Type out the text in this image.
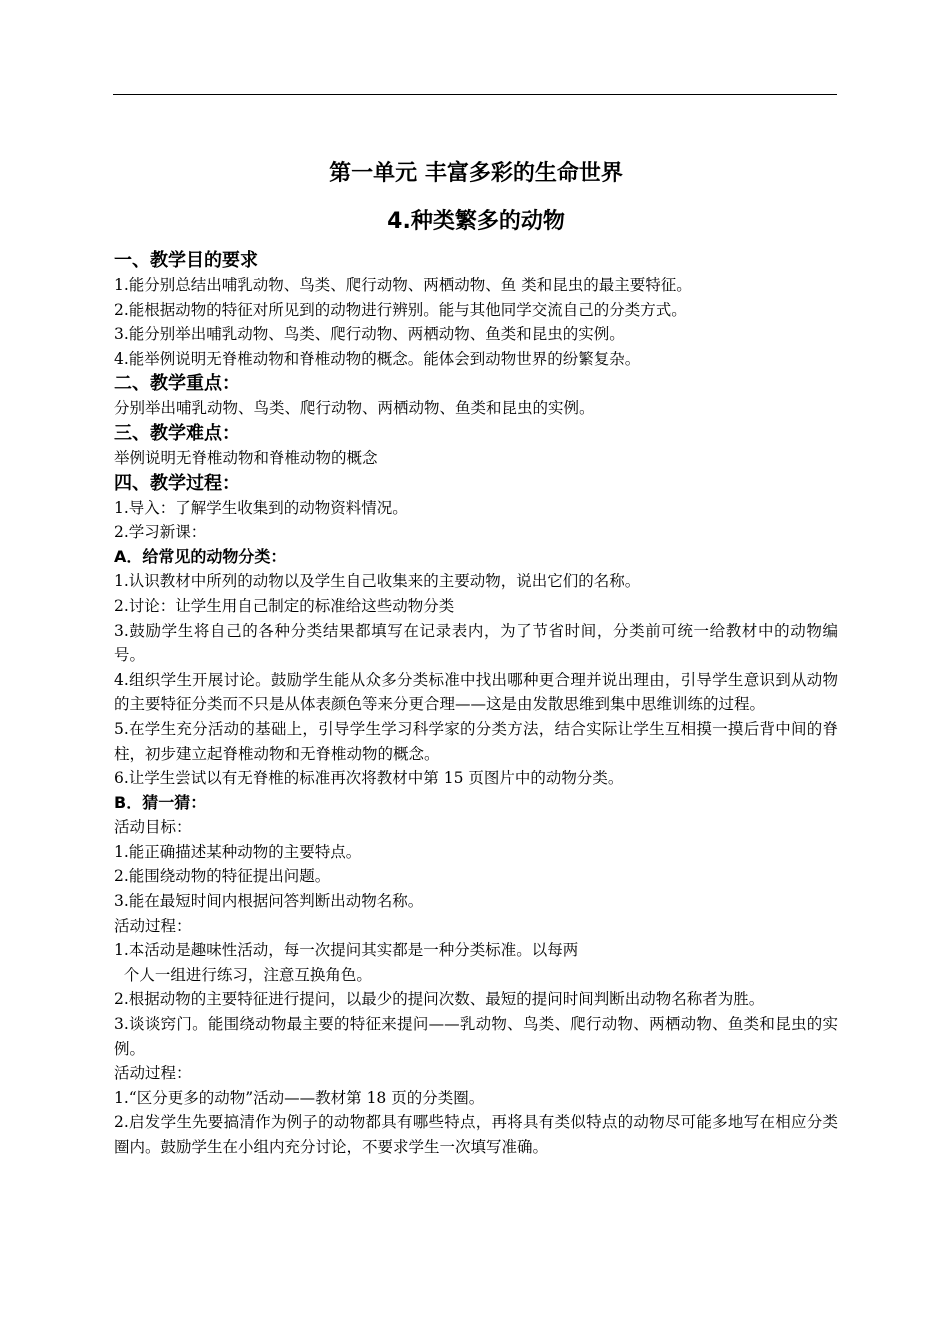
第一单元 丰富多彩的生命世界
4.种类繁多的动物
一、教学目的要求
1.能分别总结出哺乳动物、鸟类、爬行动物、两栖动物、鱼 类和昆虫的最主要特征。
2.能根据动物的特征对所见到的动物进行辨别。能与其他同学交流自己的分类方式。
3.能分别举出哺乳动物、鸟类、爬行动物、两栖动物、鱼类和昆虫的实例。
4.能举例说明无脊椎动物和脊椎动物的概念。能体会到动物世界的纷繁复杂。
二、教学重点：
分别举出哺乳动物、鸟类、爬行动物、两栖动物、鱼类和昆虫的实例。
三、教学难点：
举例说明无脊椎动物和脊椎动物的概念
四、教学过程：
1.导入：了解学生收集到的动物资料情况。
2.学习新课：
A．给常见的动物分类：
1.认识教材中所列的动物以及学生自己收集来的主要动物，说出它们的名称。
2.讨论：让学生用自己制定的标准给这些动物分类
3.鼓励学生将自己的各种分类结果都填写在记录表内，为了节省时间，分类前可统一给教材中的动物编号。
4.组织学生开展讨论。鼓励学生能从众多分类标准中找出哪种更合理并说出理由，引导学生意识到从动物的主要特征分类而不只是从体表颜色等来分更合理——这是由发散思维到集中思维训练的过程。
5.在学生充分活动的基础上，引导学生学习科学家的分类方法，结合实际让学生互相摸一摸后背中间的脊柱，初步建立起脊椎动物和无脊椎动物的概念。
6.让学生尝试以有无脊椎的标准再次将教材中第 15 页图片中的动物分类。
B．猜一猜：
活动目标：
1.能正确描述某种动物的主要特点。
2.能围绕动物的特征提出问题。
3.能在最短时间内根据问答判断出动物名称。
活动过程：
1.本活动是趣味性活动，每一次提问其实都是一种分类标准。以每两
个人一组进行练习，注意互换角色。
2.根据动物的主要特征进行提问，以最少的提问次数、最短的提问时间判断出动物名称者为胜。
3.谈谈窍门。能围绕动物最主要的特征来提问——乳动物、鸟类、爬行动物、两栖动物、鱼类和昆虫的实例。
活动过程：
1.“区分更多的动物”活动——教材第 18 页的分类圈。
2.启发学生先要搞清作为例子的动物都具有哪些特点，再将具有类似特点的动物尽可能多地写在相应分类圈内。鼓励学生在小组内充分讨论，不要求学生一次填写准确。
